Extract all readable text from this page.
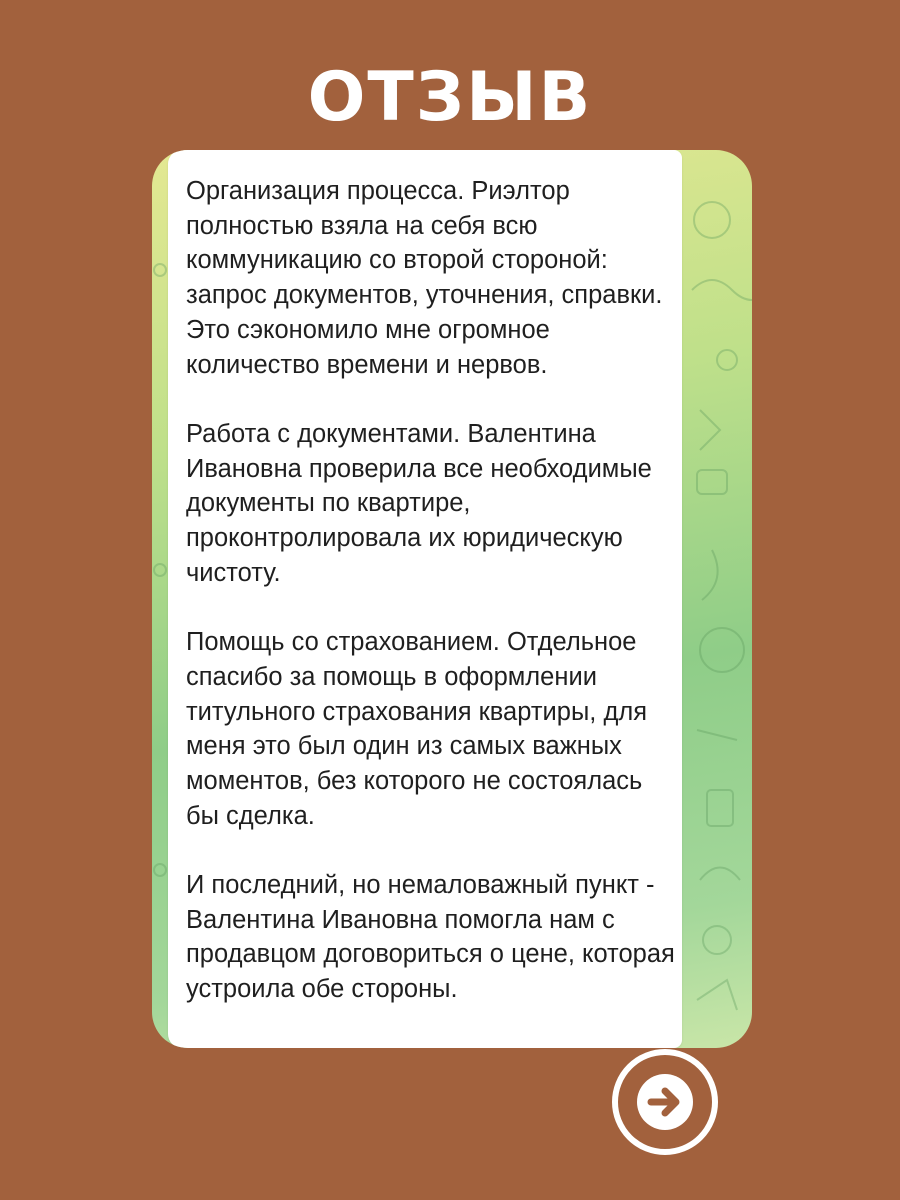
ОТЗЫВ

Организация процесса. Риэлтор полностью взяла на себя всю коммуникацию со второй стороной: запрос документов, уточнения, справки. Это сэкономило мне огромное количество времени и нервов.

Работа с документами. Валентина Ивановна проверила все необходимые документы по квартире, проконтролировала их юридическую чистоту.

Помощь со страхованием. Отдельное спасибо за помощь в оформлении титульного страхования квартиры, для меня это был один из самых важных моментов, без которого не состоялась бы сделка.

И последний, но немаловажный пункт - Валентина Ивановна помогла нам с продавцом договориться о цене, которая устроила обе стороны.
